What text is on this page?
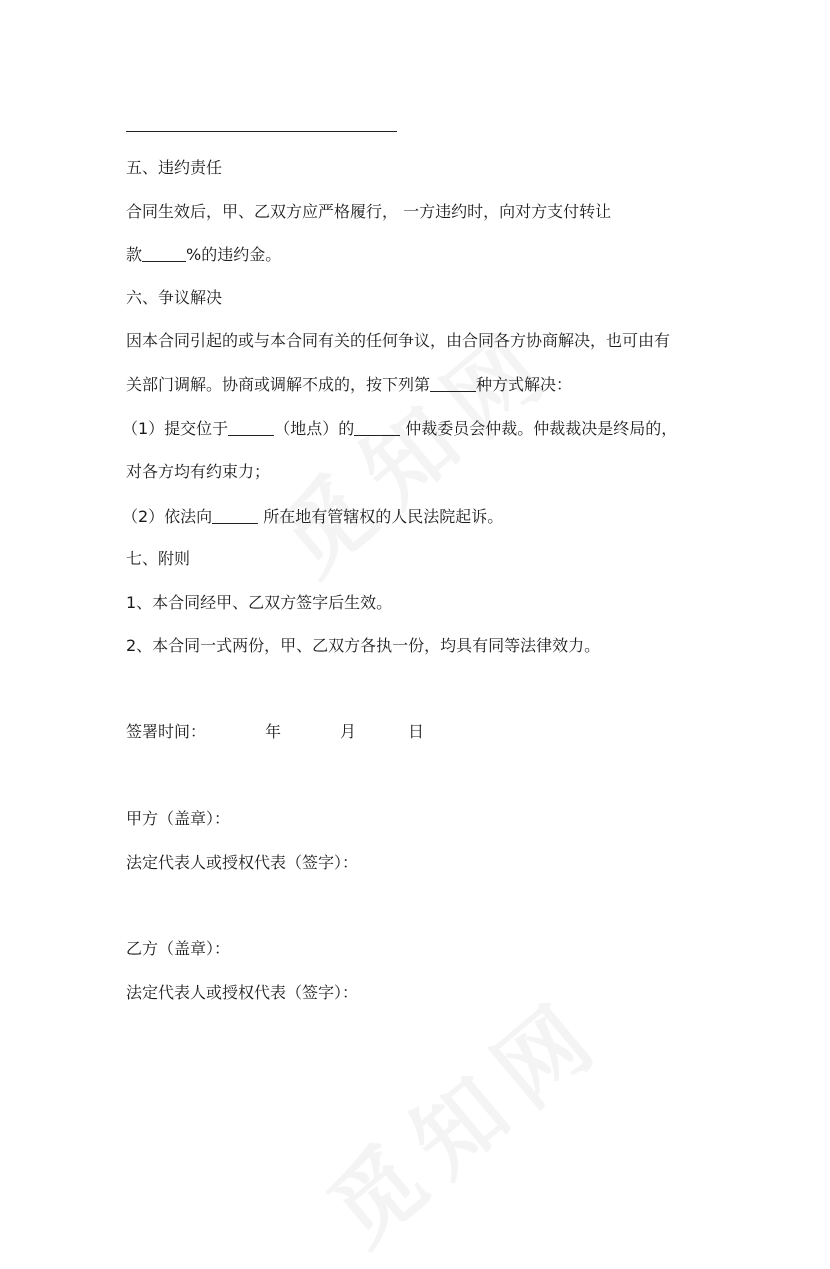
五、违约责任
合同生效后，甲、乙双方应严格履行， 一方违约时，向对方支付转让
款	%的违约金。
六、争议解决
因本合同引起的或与本合同有关的任何争议，由合同各方协商解决，也可由有
关部门调解。协商或调解不成的，按下列第	种方式解决：
（1）提交位于	（地点）的	仲裁委员会仲裁。仲裁裁决是终局的，
对各方均有约束力；
（2）依法向	所在地有管辖权的人民法院起诉。
七、附则
1、本合同经甲、乙双方签字后生效。
2、本合同一式两份，甲、乙双方各执一份，均具有同等法律效力。
签署时间：	年	月	日
甲方（盖章）：
法定代表人或授权代表（签字）：
乙方（盖章）：
法定代表人或授权代表（签字）：
